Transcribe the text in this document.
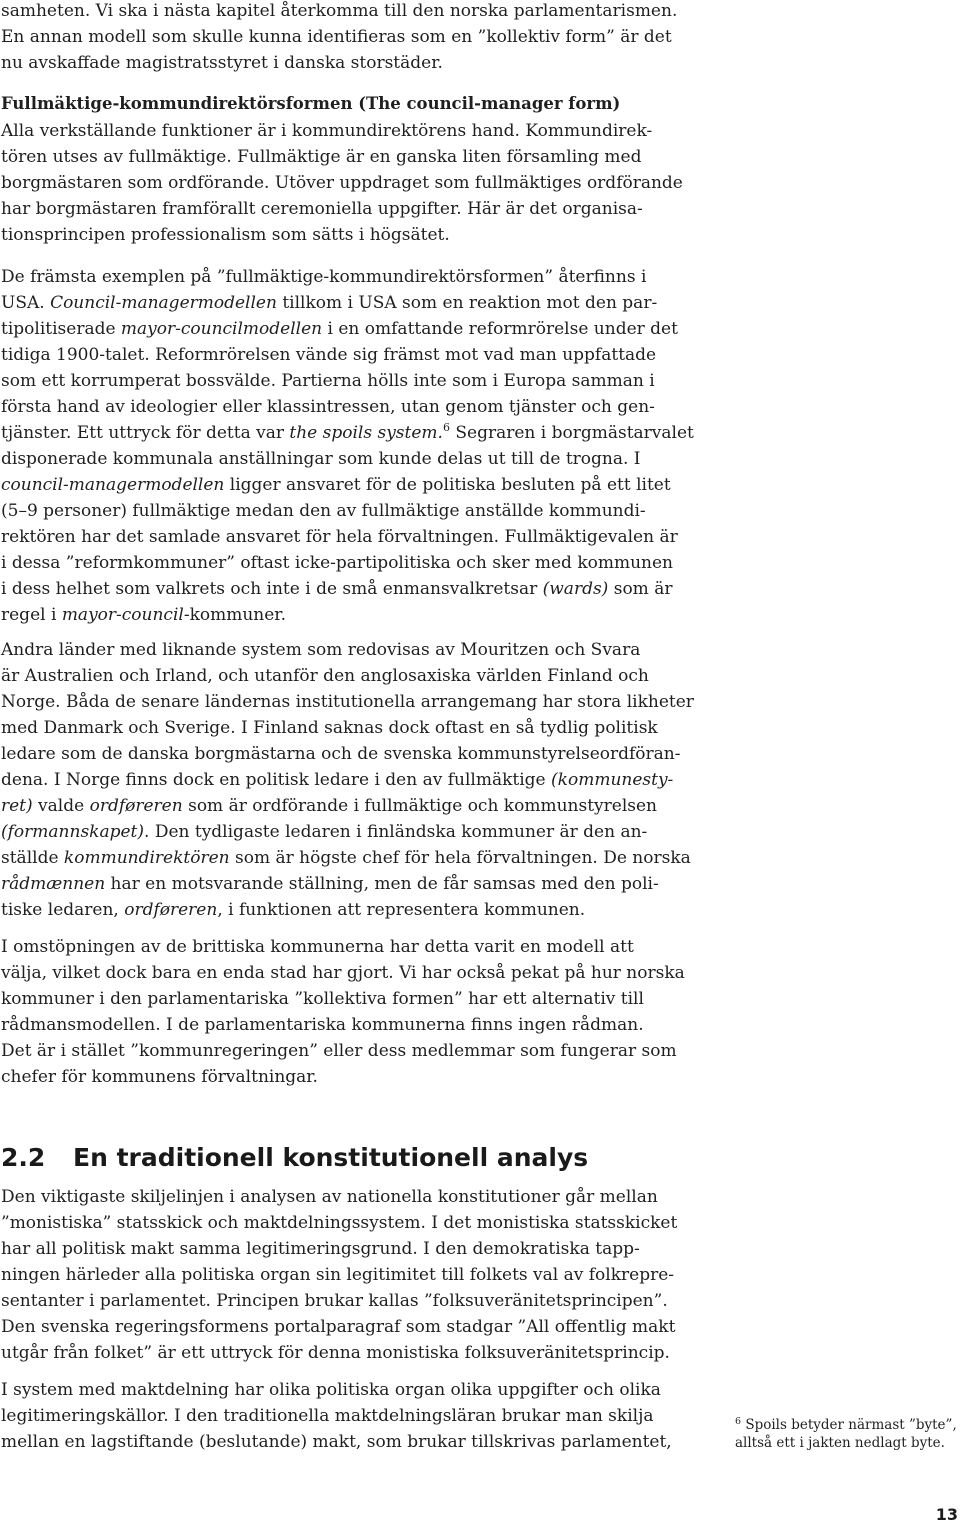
samheten. Vi ska i nästa kapitel återkomma till den norska parlamentarismen.
En annan modell som skulle kunna identifieras som en ”kollektiv form” är det
nu avskaffade magistratsstyret i danska storstäder.
Fullmäktige-kommundirektörsformen (The council-manager form)
Alla verkställande funktioner är i kommundirektörens hand. Kommundirek-
tören utses av fullmäktige. Fullmäktige är en ganska liten församling med
borgmästaren som ordförande. Utöver uppdraget som fullmäktiges ordförande
har borgmästaren framförallt ceremoniella uppgifter. Här är det organisa-
tionsprincipen professionalism som sätts i högsätet.
De främsta exemplen på ”fullmäktige-kommundirektörsformen” återfinns i
USA. Council-managermodellen tillkom i USA som en reaktion mot den par-
tipolitiserade mayor-councilmodellen i en omfattande reformrörelse under det
tidiga 1900-talet. Reformrörelsen vände sig främst mot vad man uppfattade
som ett korrumperat bossvälde. Partierna hölls inte som i Europa samman i
första hand av ideologier eller klassintressen, utan genom tjänster och gen-
tjänster. Ett uttryck för detta var the spoils system.$^6$ Segraren i borgmästarvalet
disponerade kommunala anställningar som kunde delas ut till de trogna. I
council-managermodellen ligger ansvaret för de politiska besluten på ett litet
(5–9 personer) fullmäktige medan den av fullmäktige anställde kommundi-
rektören har det samlade ansvaret för hela förvaltningen. Fullmäktigevalen är
i dessa ”reformkommuner” oftast icke-partipolitiska och sker med kommunen
i dess helhet som valkrets och inte i de små enmansvalkretsar (wards) som är
regel i mayor-council-kommuner.
Andra länder med liknande system som redovisas av Mouritzen och Svara
är Australien och Irland, och utanför den anglosaxiska världen Finland och
Norge. Båda de senare ländernas institutionella arrangemang har stora likheter
med Danmark och Sverige. I Finland saknas dock oftast en så tydlig politisk
ledare som de danska borgmästarna och de svenska kommunstyrelseordföran-
dena. I Norge finns dock en politisk ledare i den av fullmäktige (kommunesty-
ret) valde ordføreren som är ordförande i fullmäktige och kommunstyrelsen
(formannskapet). Den tydligaste ledaren i finländska kommuner är den an-
ställde kommundirektören som är högste chef för hela förvaltningen. De norska
rådmænnen har en motsvarande ställning, men de får samsas med den poli-
tiske ledaren, ordføreren, i funktionen att representera kommunen.
I omstöpningen av de brittiska kommunerna har detta varit en modell att
välja, vilket dock bara en enda stad har gjort. Vi har också pekat på hur norska
kommuner i den parlamentariska ”kollektiva formen” har ett alternativ till
rådmansmodellen. I de parlamentariska kommunerna finns ingen rådman.
Det är i stället ”kommunregeringen” eller dess medlemmar som fungerar som
chefer för kommunens förvaltningar.
Den viktigaste skiljelinjen i analysen av nationella konstitutioner går mellan
”monistiska” statsskick och maktdelningssystem. I det monistiska statsskicket
har all politisk makt samma legitimeringsgrund. I den demokratiska tapp-
ningen härleder alla politiska organ sin legitimitet till folkets val av folkrepre-
sentanter i parlamentet. Principen brukar kallas ”folksuveränitetsprincipen”.
Den svenska regeringsformens portalparagraf som stadgar ”All offentlig makt
utgår från folket” är ett uttryck för denna monistiska folksuveränitetsprincip.
I system med maktdelning har olika politiska organ olika uppgifter och olika
legitimeringskällor. I den traditionella maktdelningsläran brukar man skilja
mellan en lagstiftande (beslutande) makt, som brukar tillskrivas parlamentet,
2.2 En traditionell konstitutionell analys
$^6$ Spoils betyder närmast ”byte”,
alltså ett i jakten nedlagt byte.
13
